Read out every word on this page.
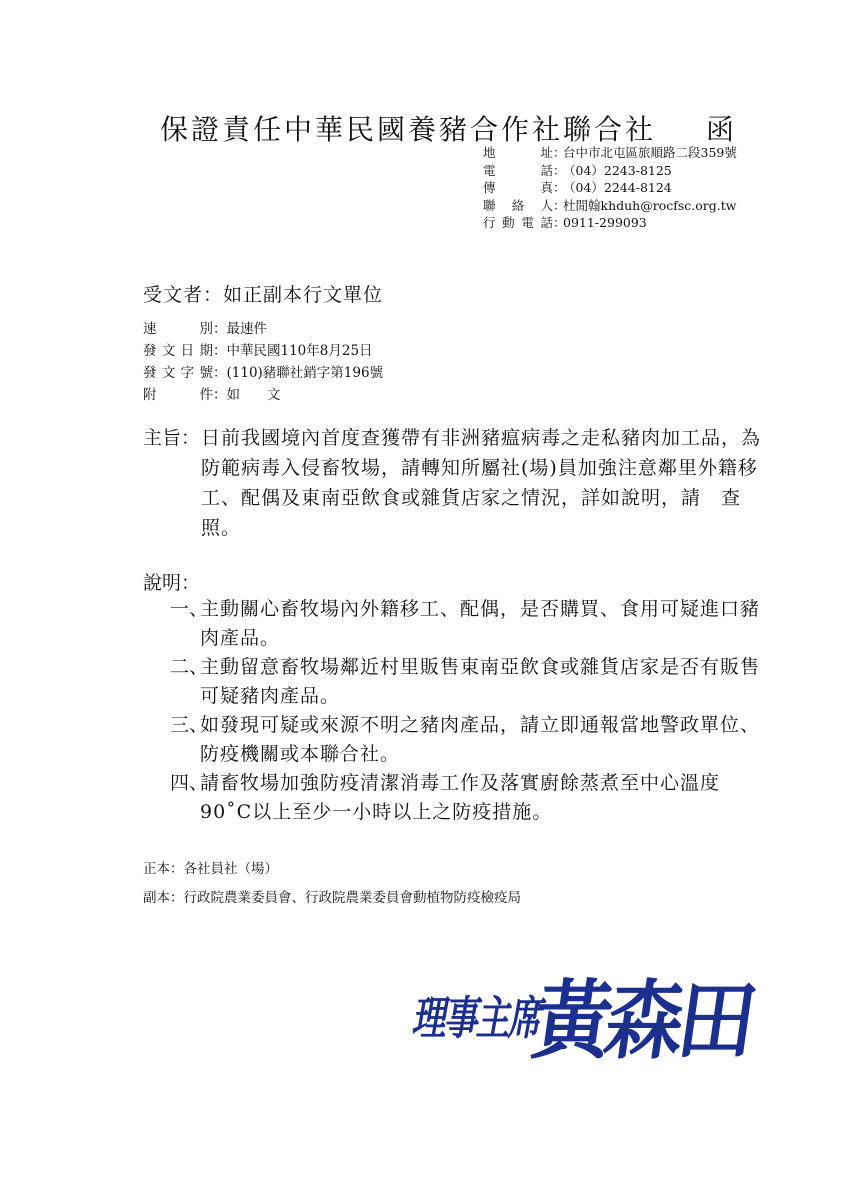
保證責任中華民國養豬合作社聯合社 函
地 址 ：
台中市北屯區旅順路二段359號
電 話 ：
（04）2243-8125
傳 真 ：
（04）2244-8124
聯 絡 人 ：
杜閒翰khduh@rocfsc.org.tw
行動電話 ：
0911-299093
受文者：如正副本行文單位
速別 ： 最速件
發文日期 ： 中華民國110年8月25日
發文字號 ： (110)豬聯社銷字第196號
附 件 ： 如　　文
主旨： 日前我國境內首度查獲帶有非洲豬瘟病毒之走私豬肉加工品，為防範病毒入侵畜牧場，請轉知所屬社(場)員加強注意鄰里外籍移工、配偶及東南亞飲食或雜貨店家之情況，詳如說明，請　查照。
說明：
一、
主動關心畜牧場內外籍移工、配偶，是否購買、食用可疑進口豬肉產品。
二、
主動留意畜牧場鄰近村里販售東南亞飲食或雜貨店家是否有販售可疑豬肉產品。
三、
如發現可疑或來源不明之豬肉產品，請立即通報當地警政單位、防疫機關或本聯合社。
四、
請畜牧場加強防疫清潔消毒工作及落實廚餘蒸煮至中心溫度90˚C以上至少一小時以上之防疫措施。
正本： 各社員社（場）
副本： 行政院農業委員會、行政院農業委員會動植物防疫檢疫局
理事主席
黃森田
